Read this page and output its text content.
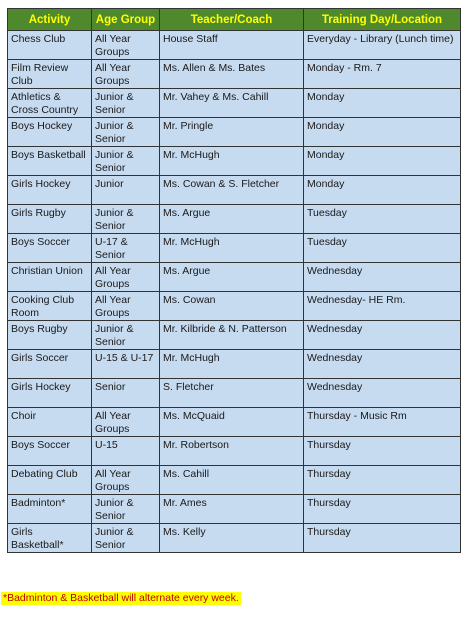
Activity	Age Group	Teacher/Coach	Training Day/Location
Chess Club	All Year Groups	House Staff	Everyday - Library (Lunch time)
Film Review Club	All Year Groups	Ms. Allen & Ms. Bates	Monday - Rm. 7
Athletics & Cross Country	Junior & Senior	Mr. Vahey & Ms. Cahill	Monday
Boys Hockey	Junior & Senior	Mr. Pringle	Monday
Boys Basketball	Junior & Senior	Mr. McHugh	Monday
Girls Hockey	Junior	Ms. Cowan & S. Fletcher	Monday
Girls Rugby	Junior & Senior	Ms. Argue	Tuesday
Boys Soccer	U-17 & Senior	Mr. McHugh	Tuesday
Christian Union	All Year Groups	Ms. Argue	Wednesday
Cooking Club Room	All Year Groups	Ms. Cowan	Wednesday- HE Rm.
Boys Rugby	Junior & Senior	Mr. Kilbride & N. Patterson	Wednesday
Girls Soccer	U-15 & U-17	Mr. McHugh	Wednesday
Girls Hockey	Senior	S. Fletcher	Wednesday
Choir	All Year Groups	Ms. McQuaid	Thursday - Music Rm
Boys Soccer	U-15	Mr. Robertson	Thursday
Debating Club	All Year Groups	Ms. Cahill	Thursday
Badminton*	Junior & Senior	Mr. Ames	Thursday
Girls Basketball*	Junior & Senior	Ms. Kelly	Thursday
*Badminton & Basketball will alternate every week.
